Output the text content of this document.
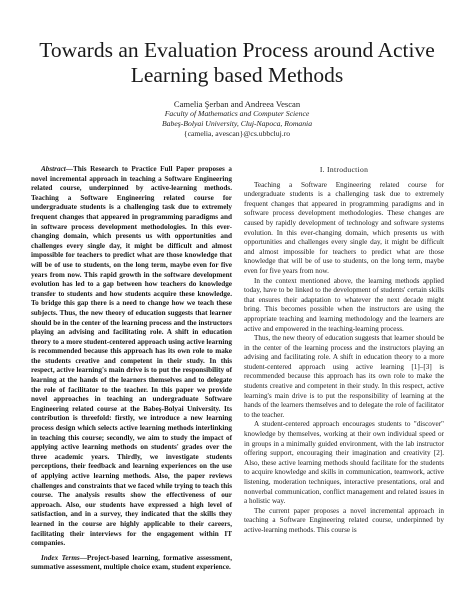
Towards an Evaluation Process around Active Learning based Methods
Camelia Şerban and Andreea Vescan
Faculty of Mathematics and Computer Science
Babeş-Bolyai University, Cluj-Napoca, Romania
{camelia, avescan}@cs.ubbcluj.ro

Abstract—This Research to Practice Full Paper proposes a novel incremental approach in teaching a Software Engineering related course, underpinned by active-learning methods. Teaching a Software Engineering related course for undergraduate students is a challenging task due to extremely frequent changes that appeared in programming paradigms and in software process development methodologies. In this ever-changing domain, which presents us with opportunities and challenges every single day, it might be difficult and almost impossible for teachers to predict what are those knowledge that will be of use to students, on the long term, maybe even for five years from now. This rapid growth in the software development evolution has led to a gap between how teachers do knowledge transfer to students and how students acquire these knowledge. To bridge this gap there is a need to change how we teach these subjects. Thus, the new theory of education suggests that learner should be in the center of the learning process and the instructors playing an advising and facilitating role. A shift in education theory to a more student-centered approach using active learning is recommended because this approach has its own role to make the students creative and competent in their study. In this respect, active learning's main drive is to put the responsibility of learning at the hands of the learners themselves and to delegate the role of facilitator to the teacher. In this paper we provide novel approaches in teaching an undergraduate Software Engineering related course at the Babeş-Bolyai University. Its contribution is threefold: firstly, we introduce a new learning process design which selects active learning methods interlinking in teaching this course; secondly, we aim to study the impact of applying active learning methods on students' grades over the three academic years. Thirdly, we investigate students perceptions, their feedback and learning experiences on the use of applying active learning methods. Also, the paper reviews challenges and constraints that we faced while trying to teach this course. The analysis results show the effectiveness of our approach. Also, our students have expressed a high level of satisfaction, and in a survey, they indicated that the skills they learned in the course are highly applicable to their careers, facilitating their interviews for the engagement within IT companies.

Index Terms—Project-based learning, formative assessment, summative assessment, multiple choice exam, student experience.

I. Introduction

Teaching a Software Engineering related course for undergraduate students is a challenging task due to extremely frequent changes that appeared in programming paradigms and in software process development methodologies. These changes are caused by rapidly development of technology and software systems evolution. In this ever-changing domain, which presents us with opportunities and challenges every single day, it might be difficult and almost impossible for teachers to predict what are those knowledge that will be of use to students, on the long term, maybe even for five years from now.

In the context mentioned above, the learning methods applied today, have to be linked to the development of students' certain skills that ensures their adaptation to whatever the next decade might bring. This becomes possible when the instructors are using the appropriate teaching and learning methodology and the learners are active and empowered in the teaching-learning process.

Thus, the new theory of education suggests that learner should be in the center of the learning process and the instructors playing an advising and facilitating role. A shift in education theory to a more student-centered approach using active learning [1]–[3] is recommended because this approach has its own role to make the students creative and competent in their study. In this respect, active learning's main drive is to put the responsibility of learning at the hands of the learners themselves and to delegate the role of facilitator to the teacher.

A student-centered approach encourages students to "discover" knowledge by themselves, working at their own individual speed or in groups in a minimally guided environment, with the lab instructor offering support, encouraging their imagination and creativity [2]. Also, these active learning methods should facilitate for the students to acquire knowledge and skills in communication, teamwork, active listening, moderation techniques, interactive presentations, oral and nonverbal communication, conflict management and related issues in a holistic way.

The current paper proposes a novel incremental approach in teaching a Software Engineering related course, underpinned by active-learning methods. This course is
